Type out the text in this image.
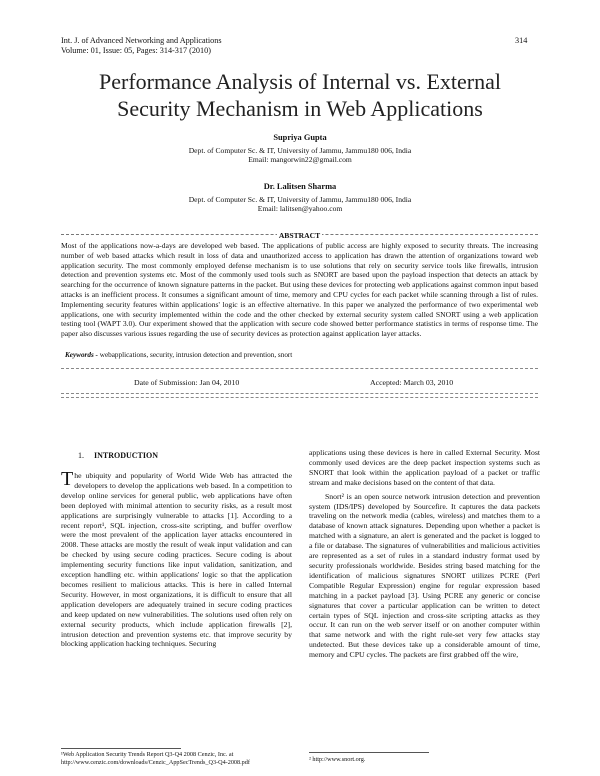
Int. J. of Advanced Networking and Applications
Volume: 01, Issue: 05, Pages: 314-317 (2010)
314
Performance Analysis of Internal vs. External
Security Mechanism in Web Applications
Supriya Gupta
Dept. of Computer Sc. & IT, University of Jammu, Jammu180 006, India
Email: mangorwin22@gmail.com
Dr. Lalitsen Sharma
Dept. of Computer Sc. & IT, University of Jammu, Jammu180 006, India
Email: lalitsen@yahoo.com
ABSTRACT
Most of the applications now-a-days are developed web based. The applications of public access are highly exposed to security threats. The increasing number of web based attacks which result in loss of data and unauthorized access to application has drawn the attention of organizations toward web application security. The most commonly employed defense mechanism is to use solutions that rely on security service tools like firewalls, intrusion detection and prevention systems etc. Most of the commonly used tools such as SNORT are based upon the payload inspection that detects an attack by searching for the occurrence of known signature patterns in the packet. But using these devices for protecting web applications against common input based attacks is an inefficient process. It consumes a significant amount of time, memory and CPU cycles for each packet while scanning through a list of rules. Implementing security features within applications' logic is an effective alternative. In this paper we analyzed the performance of two experimental web applications, one with security implemented within the code and the other checked by external security system called SNORT using a web application testing tool (WAPT 3.0). Our experiment showed that the application with secure code showed better performance statistics in terms of response time. The paper also discusses various issues regarding the use of security devices as protection against application layer attacks.
Keywords - webapplications, security, intrusion detection and prevention, snort
Date of Submission: Jan 04, 2010	Accepted: March 03, 2010
1. INTRODUCTION

The ubiquity and popularity of World Wide Web has attracted the developers to develop the applications web based. In a competition to develop online services for general public, web applications have often been deployed with minimal attention to security risks, as a result most applications are surprisingly vulnerable to attacks [1]. According to a recent report¹, SQL injection, cross-site scripting, and buffer overflow were the most prevalent of the application layer attacks encountered in 2008. These attacks are mostly the result of weak input validation and can be checked by using secure coding practices. Secure coding is about implementing security functions like input validation, sanitization, and exception handling etc. within applications' logic so that the application becomes resilient to malicious attacks. This is here in called Internal Security. However, in most organizations, it is difficult to ensure that all application developers are adequately trained in secure coding practices and keep updated on new vulnerabilities. The solutions used often rely on external security products, which include application firewalls [2], intrusion detection and prevention systems etc. that improve security by blocking application hacking techniques. Securing

¹Web Application Security Trends Report Q3-Q4 2008 Cenzic, Inc. at http://www.cenzic.com/downloads/Cenzic_AppSecTrends_Q3-Q4-2008.pdf

applications using these devices is here in called External Security. Most commonly used devices are the deep packet inspection systems such as SNORT that look within the application payload of a packet or traffic stream and make decisions based on the content of that data.

Snort² is an open source network intrusion detection and prevention system (IDS/IPS) developed by Sourcefire. It captures the data packets traveling on the network media (cables, wireless) and matches them to a database of known attack signatures. Depending upon whether a packet is matched with a signature, an alert is generated and the packet is logged to a file or database. The signatures of vulnerabilities and malicious activities are represented as a set of rules in a standard industry format used by security professionals worldwide. Besides string based matching for the identification of malicious signatures SNORT utilizes PCRE (Perl Compatible Regular Expression) engine for regular expression based matching in a packet payload [3]. Using PCRE any generic or concise signatures that cover a particular application can be written to detect certain types of SQL injection and cross-site scripting attacks as they occur. It can run on the web server itself or on another computer within that same network and with the right rule-set very few attacks stay undetected. But these devices take up a considerable amount of time, memory and CPU cycles. The packets are first grabbed off the wire,

² http://www.snort.org.
